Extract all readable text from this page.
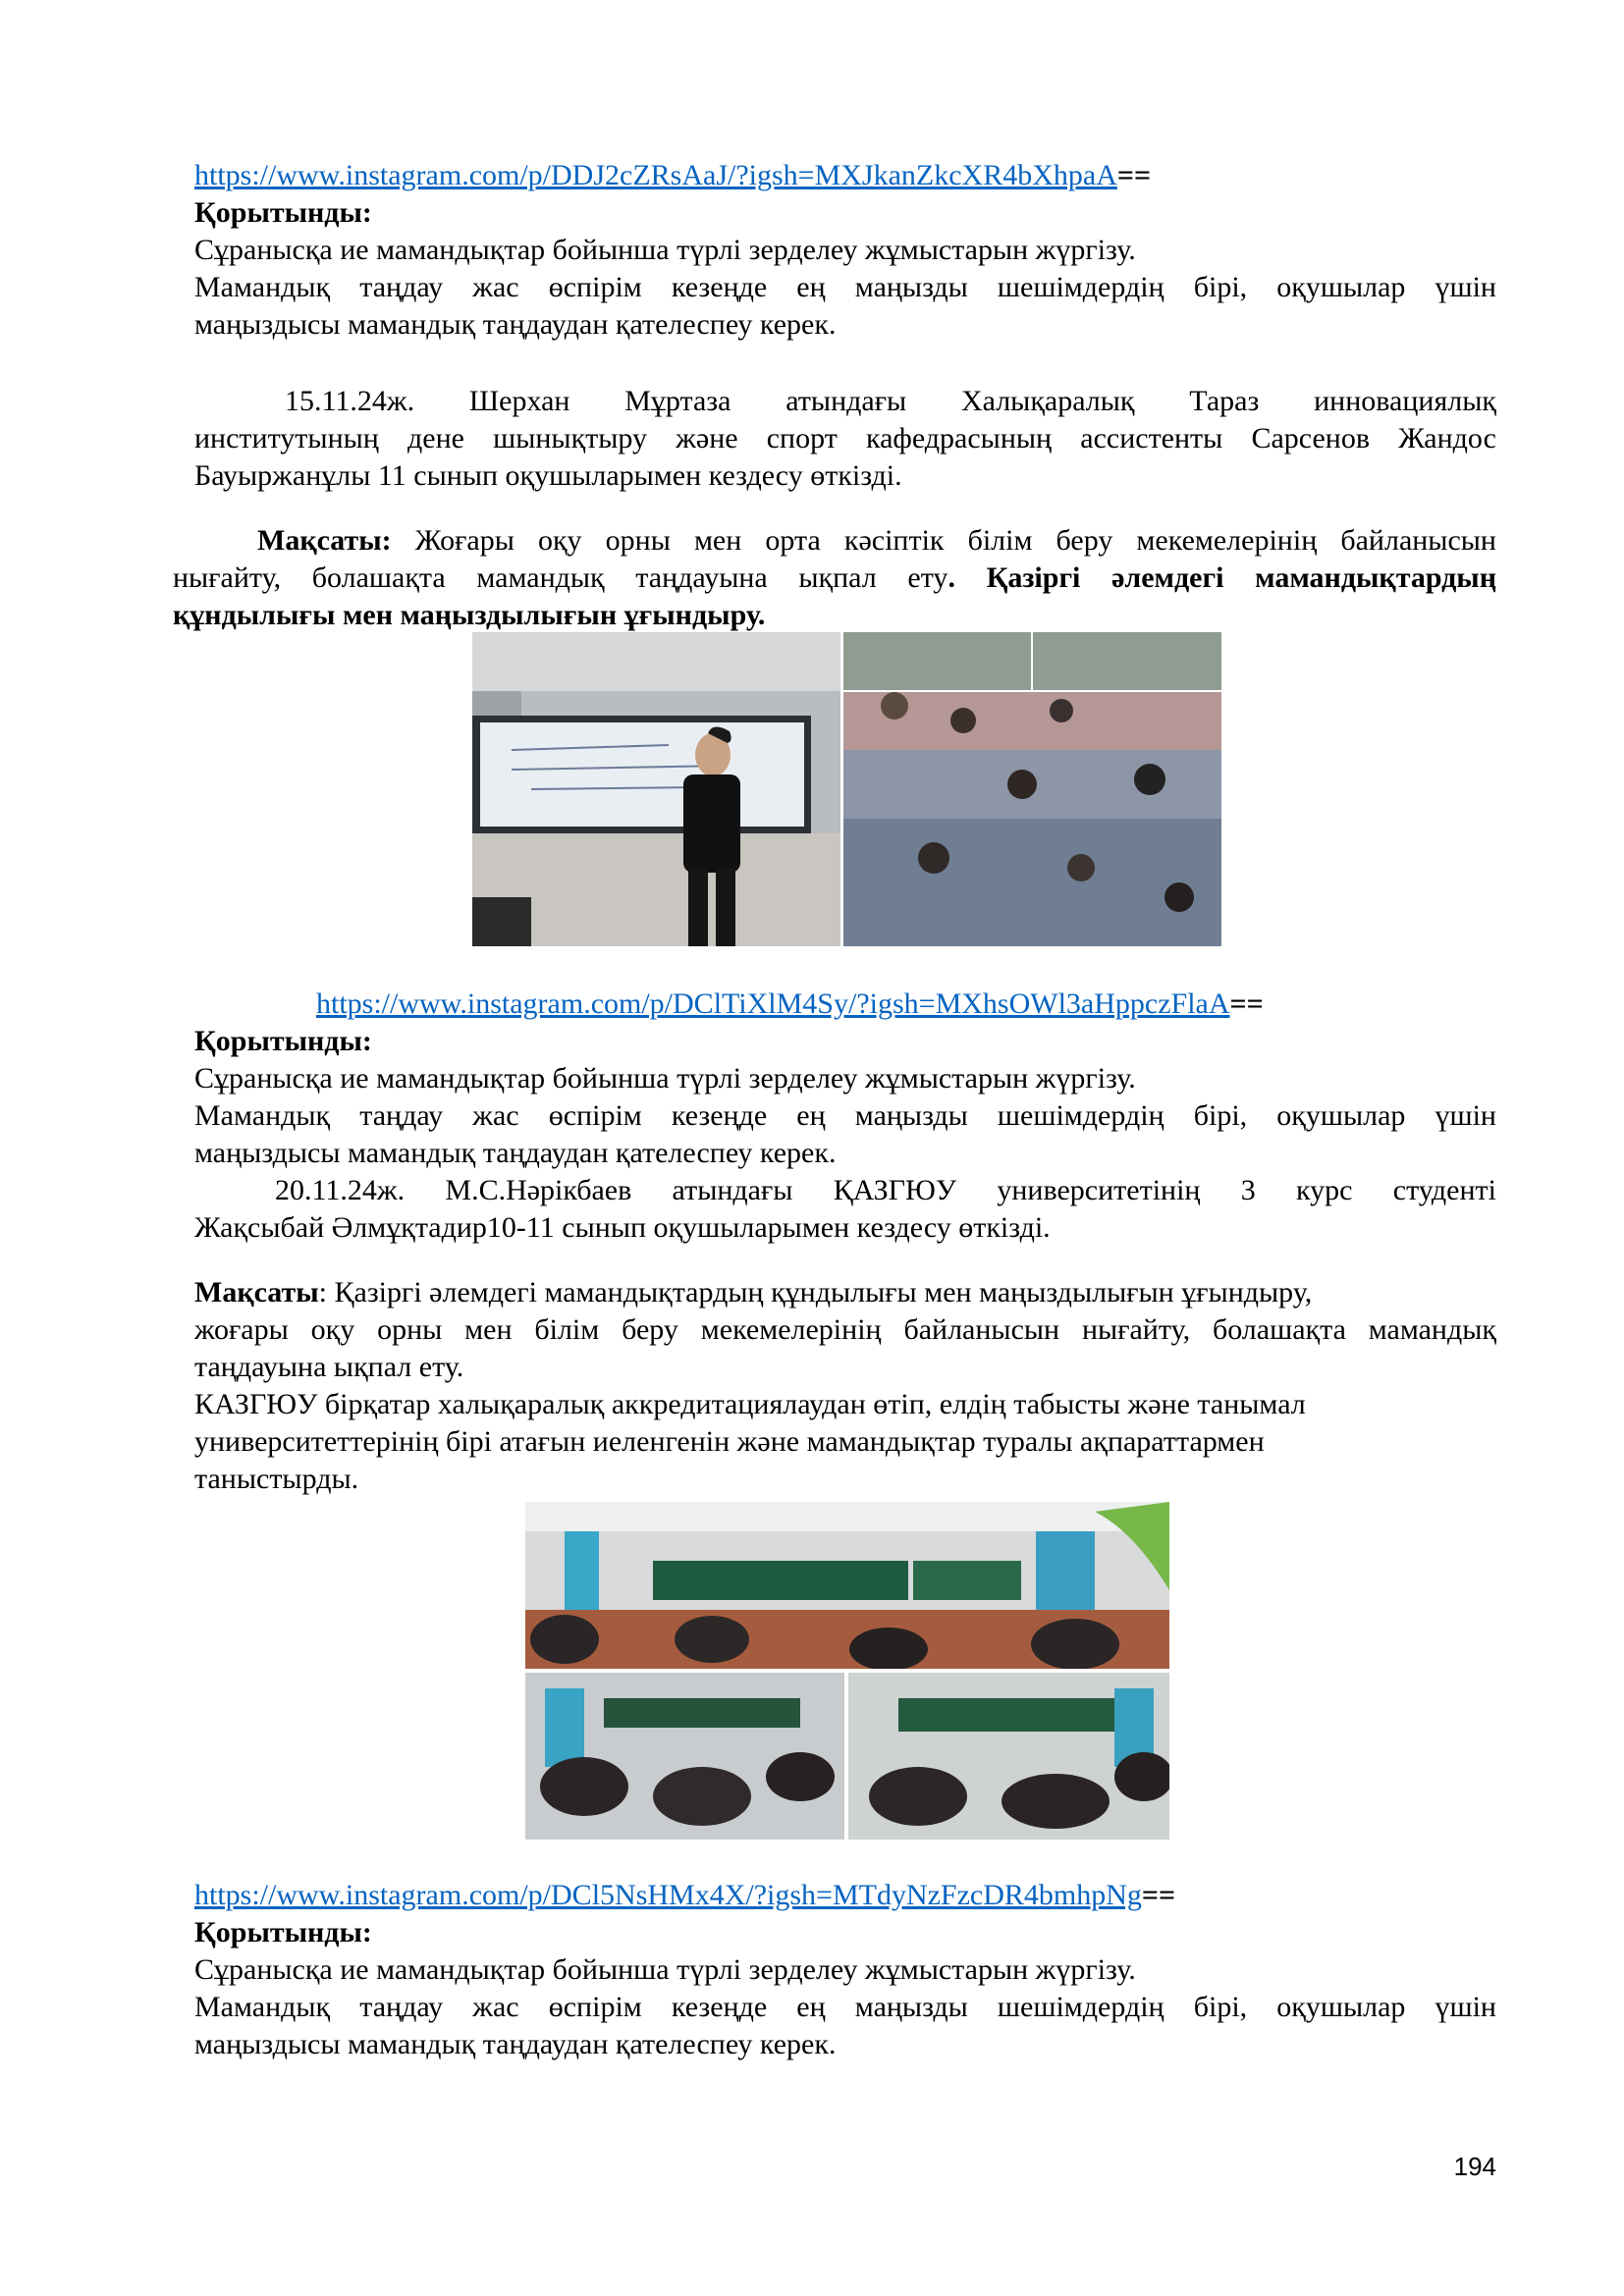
https://www.instagram.com/p/DDJ2cZRsAaJ/?igsh=MXJkanZkcXR4bXhpaA==
Қорытынды:
Сұранысқа ие мамандықтар бойынша түрлі зерделеу жұмыстарын жүргізу.
Мамандық таңдау жас өспірім кезеңде ең маңызды шешімдердің бірі, оқушылар үшін
маңыздысы мамандық таңдаудан қателеспеу керек.
15.11.24ж. Шерхан Мұртаза атындағы Халықаралық Тараз инновациялық
институтының дене шынықтыру және спорт кафедрасының ассистенты Сарсенов Жандос
Бауыржанұлы 11 сынып оқушыларымен кездесу өткізді.
Мақсаты: Жоғары оқу орны мен орта кәсіптік білім беру мекемелерінің байланысын
нығайту, болашақта мамандық таңдауына ықпал ету. Қазіргі әлемдегі мамандықтардың
құндылығы мен маңыздылығын ұғындыру.
https://www.instagram.com/p/DClTiXlM4Sy/?igsh=MXhsOWl3aHppczFlaA==
Қорытынды:
Сұранысқа ие мамандықтар бойынша түрлі зерделеу жұмыстарын жүргізу.
Мамандық таңдау жас өспірім кезеңде ең маңызды шешімдердің бірі, оқушылар үшін
маңыздысы мамандық таңдаудан қателеспеу керек.
20.11.24ж. М.С.Нәрікбаев атындағы ҚАЗГЮУ университетінің 3 курс студенті
Жақсыбай Әлмұқтадир10-11 сынып оқушыларымен кездесу өткізді.
Мақсаты: Қазіргі әлемдегі мамандықтардың құндылығы мен маңыздылығын ұғындыру,
жоғары оқу орны мен білім беру мекемелерінің байланысын нығайту, болашақта мамандық
таңдауына ықпал ету.
КАЗГЮУ бірқатар халықаралық аккредитациялаудан өтіп, елдің табысты және танымал
университеттерінің бірі атағын иеленгенін және мамандықтар туралы ақпараттармен
таныстырды.
https://www.instagram.com/p/DCl5NsHMx4X/?igsh=MTdyNzFzcDR4bmhpNg==
Қорытынды:
Сұранысқа ие мамандықтар бойынша түрлі зерделеу жұмыстарын жүргізу.
Мамандық таңдау жас өспірім кезеңде ең маңызды шешімдердің бірі, оқушылар үшін
маңыздысы мамандық таңдаудан қателеспеу керек.
194
